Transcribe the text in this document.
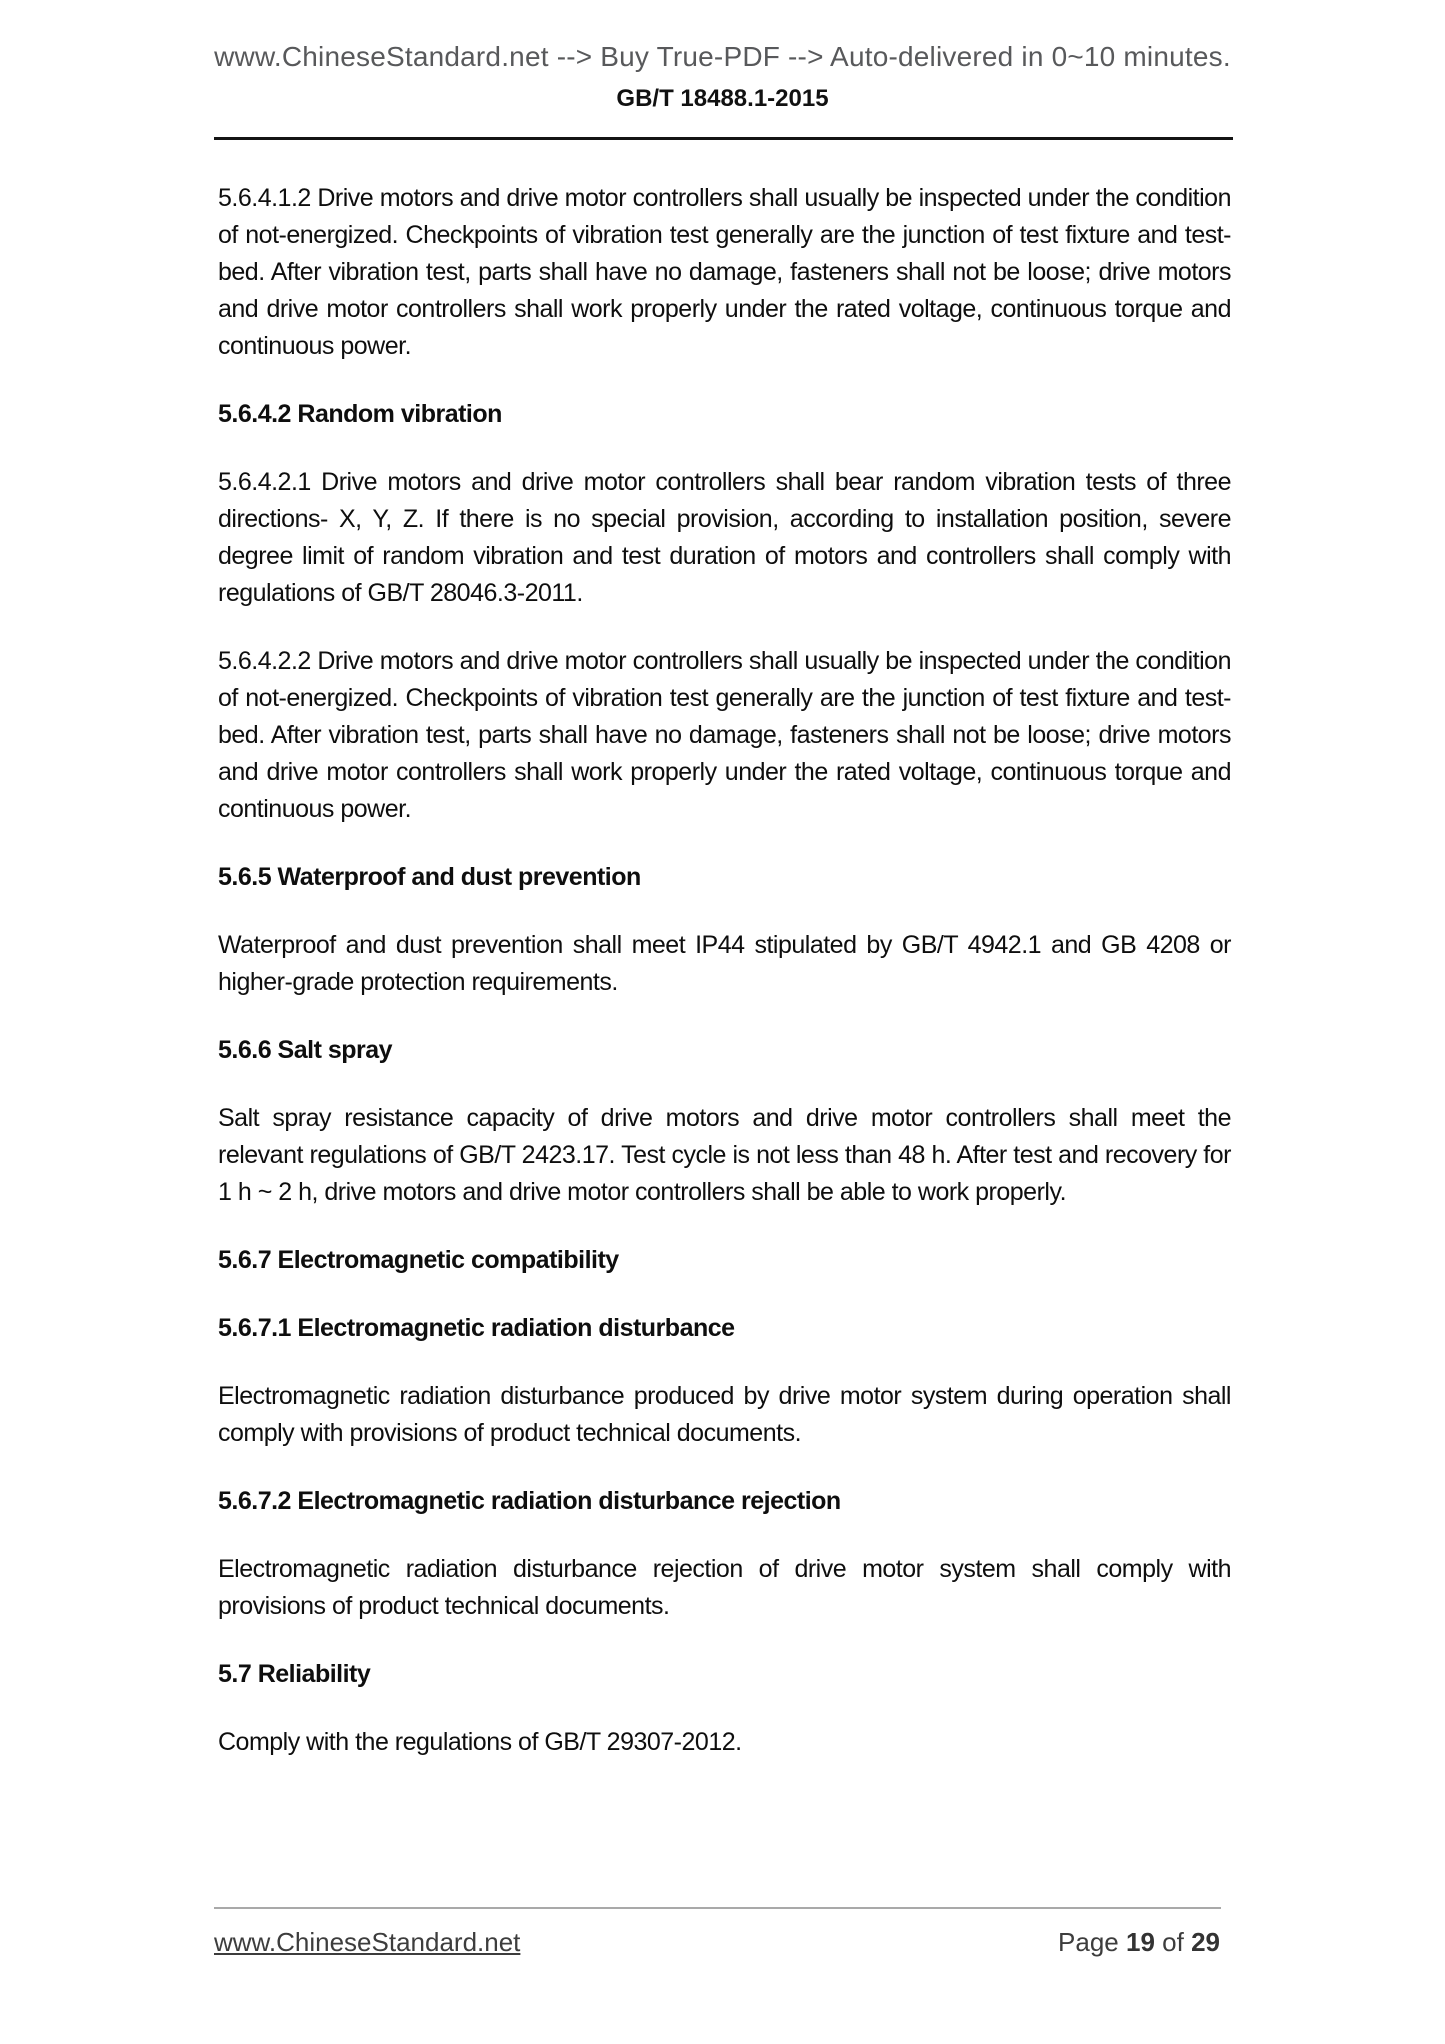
www.ChineseStandard.net --> Buy True-PDF --> Auto-delivered in 0~10 minutes.
GB/T 18488.1-2015

5.6.4.1.2 Drive motors and drive motor controllers shall usually be inspected under the condition of not-energized. Checkpoints of vibration test generally are the junction of test fixture and test-bed. After vibration test, parts shall have no damage, fasteners shall not be loose; drive motors and drive motor controllers shall work properly under the rated voltage, continuous torque and continuous power.

5.6.4.2 Random vibration

5.6.4.2.1 Drive motors and drive motor controllers shall bear random vibration tests of three directions- X, Y, Z. If there is no special provision, according to installation position, severe degree limit of random vibration and test duration of motors and controllers shall comply with regulations of GB/T 28046.3-2011.

5.6.4.2.2 Drive motors and drive motor controllers shall usually be inspected under the condition of not-energized. Checkpoints of vibration test generally are the junction of test fixture and test-bed. After vibration test, parts shall have no damage, fasteners shall not be loose; drive motors and drive motor controllers shall work properly under the rated voltage, continuous torque and continuous power.

5.6.5 Waterproof and dust prevention

Waterproof and dust prevention shall meet IP44 stipulated by GB/T 4942.1 and GB 4208 or higher-grade protection requirements.

5.6.6 Salt spray

Salt spray resistance capacity of drive motors and drive motor controllers shall meet the relevant regulations of GB/T 2423.17. Test cycle is not less than 48 h. After test and recovery for 1 h ~ 2 h, drive motors and drive motor controllers shall be able to work properly.

5.6.7 Electromagnetic compatibility

5.6.7.1 Electromagnetic radiation disturbance

Electromagnetic radiation disturbance produced by drive motor system during operation shall comply with provisions of product technical documents.

5.6.7.2 Electromagnetic radiation disturbance rejection

Electromagnetic radiation disturbance rejection of drive motor system shall comply with provisions of product technical documents.

5.7 Reliability

Comply with the regulations of GB/T 29307-2012.

www.ChineseStandard.net	Page 19 of 29
